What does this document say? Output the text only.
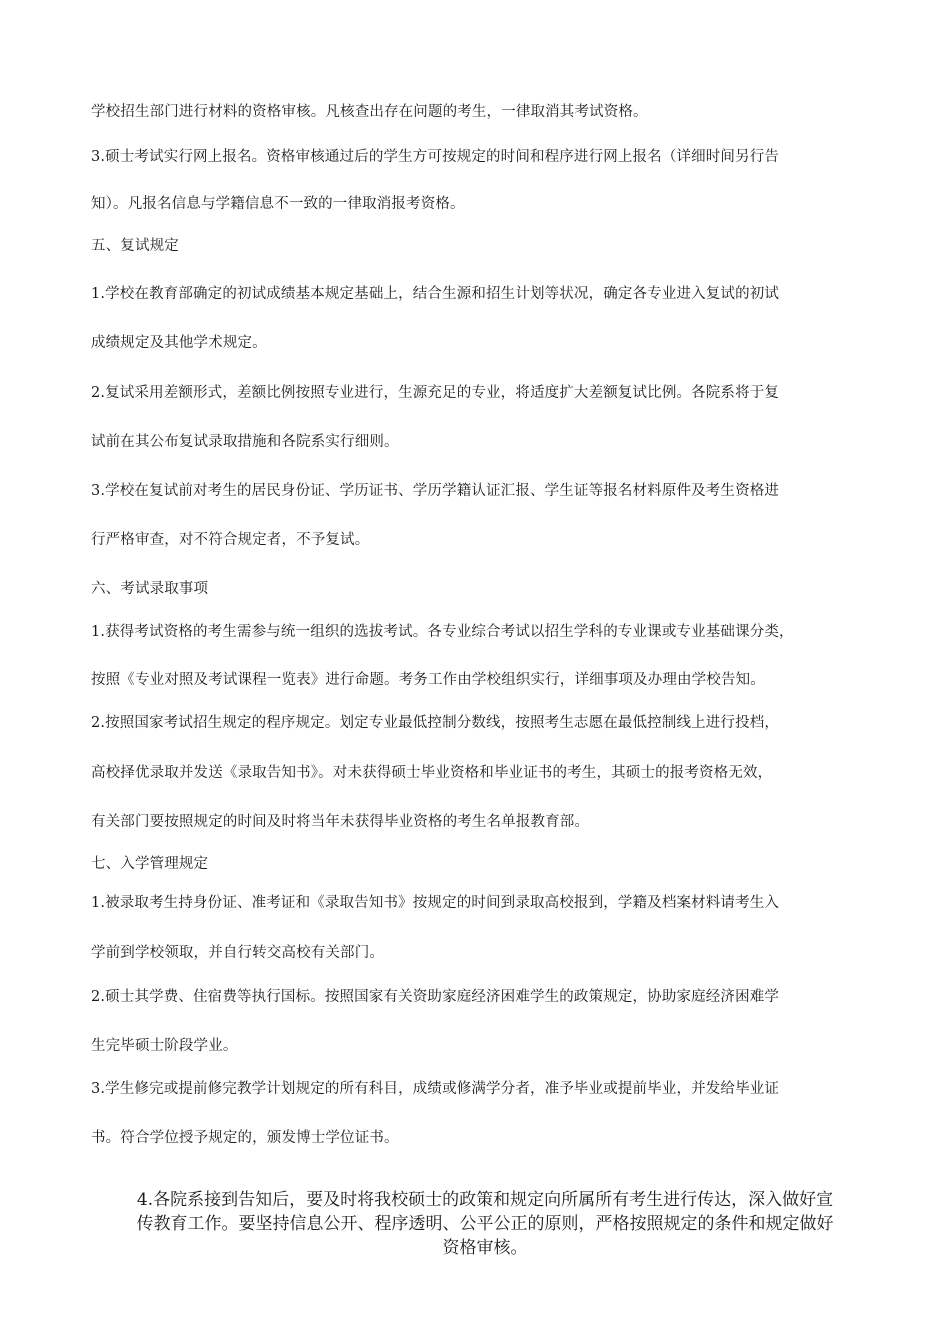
学校招生部门进行材料的资格审核。凡核查出存在问题的考生，一律取消其考试资格。
3.硕士考试实行网上报名。资格审核通过后的学生方可按规定的时间和程序进行网上报名（详细时间另行告
知）。凡报名信息与学籍信息不一致的一律取消报考资格。
五、复试规定
1.学校在教育部确定的初试成绩基本规定基础上，结合生源和招生计划等状况，确定各专业进入复试的初试
成绩规定及其他学术规定。
2.复试采用差额形式，差额比例按照专业进行，生源充足的专业，将适度扩大差额复试比例。各院系将于复
试前在其公布复试录取措施和各院系实行细则。
3.学校在复试前对考生的居民身份证、学历证书、学历学籍认证汇报、学生证等报名材料原件及考生资格进
行严格审查，对不符合规定者，不予复试。
六、考试录取事项
1.获得考试资格的考生需参与统一组织的选拔考试。各专业综合考试以招生学科的专业课或专业基础课分类，
按照《专业对照及考试课程一览表》进行命题。考务工作由学校组织实行，详细事项及办理由学校告知。
2.按照国家考试招生规定的程序规定。划定专业最低控制分数线，按照考生志愿在最低控制线上进行投档，
高校择优录取并发送《录取告知书》。对未获得硕士毕业资格和毕业证书的考生，其硕士的报考资格无效，
有关部门要按照规定的时间及时将当年未获得毕业资格的考生名单报教育部。
七、入学管理规定
1.被录取考生持身份证、准考证和《录取告知书》按规定的时间到录取高校报到，学籍及档案材料请考生入
学前到学校领取，并自行转交高校有关部门。
2.硕士其学费、住宿费等执行国标。按照国家有关资助家庭经济困难学生的政策规定，协助家庭经济困难学
生完毕硕士阶段学业。
3.学生修完或提前修完教学计划规定的所有科目，成绩或修满学分者，准予毕业或提前毕业，并发给毕业证
书。符合学位授予规定的，颁发博士学位证书。
4.各院系接到告知后，要及时将我校硕士的政策和规定向所属所有考生进行传达，深入做好宣
传教育工作。要坚持信息公开、程序透明、公平公正的原则，严格按照规定的条件和规定做好
资格审核。
